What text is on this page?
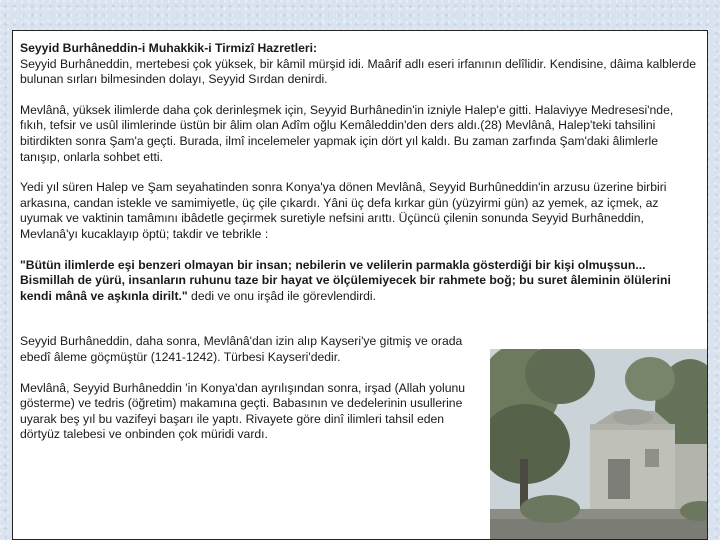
Seyyid Burhâneddin-i Muhakkik-i Tirmizî Hazretleri:

Seyyid Burhâneddin, mertebesi çok yüksek, bir kâmil mürşid idi. Maârif adlı eseri irfanının delîlidir. Kendisine, dâima kalblerde bulunan sırları bilmesinden dolayı, Seyyid Sırdan denirdi.

Mevlânâ, yüksek ilimlerde daha çok derinleşmek için, Seyyid Burhânedin'in izniyle Halep'e gitti. Halaviyye Medresesi'nde, fıkıh, tefsir ve usûl ilimlerinde üstün bir âlim olan Adîm oğlu Kemâleddin'den ders aldı.(28) Mevlânâ, Halep'teki tahsilini bitirdikten sonra Şam'a geçti. Burada, ilmî incelemeler yapmak için dört yıl kaldı. Bu zaman zarfında Şam'daki âlimlerle tanışıp, onlarla sohbet etti.

Yedi yıl süren Halep ve Şam seyahatinden sonra Konya'ya dönen Mevlânâ, Seyyid Burhûneddin'in arzusu üzerine birbiri arkasına, candan istekle ve samimiyetle, üç çile çıkardı. Yâni üç defa kırkar gün (yüzyirmi gün) az yemek, az içmek, az uyumak ve vaktinin tamâmını ibâdetle geçirmek suretiyle nefsini arıttı. Üçüncü çilenin sonunda Seyyid Burhâneddin, Mevlanâ'yı kucaklayıp öptü; takdir ve tebrikle :

"Bütün ilimlerde eşi benzeri olmayan bir insan; nebilerin ve velilerin parmakla gösterdiği bir kişi olmuşsun... Bismillah de yürü, insanların ruhunu taze bir hayat ve ölçülemiyecek bir rahmete boğ; bu suret âleminin ölülerini kendi mânâ ve aşkınla dirilt." dedi ve onu irşâd ile görevlendirdi.

Seyyid Burhâneddin, daha sonra, Mevlânâ'dan izin alıp Kayseri'ye gitmiş ve orada ebedî âleme göçmüştür (1241-1242). Türbesi Kayseri'dedir.

Mevlânâ, Seyyid Burhâneddin 'in Konya'dan ayrılışından sonra, irşad (Allah yolunu gösterme) ve tedris (öğretim) makamına geçti. Babasının ve dedelerinin usullerine uyarak beş yıl bu vazifeyi başarı ile yaptı. Rivayete göre dinî ilimleri tahsil eden dörtyüz talebesi ve onbinden çok müridi vardı.
